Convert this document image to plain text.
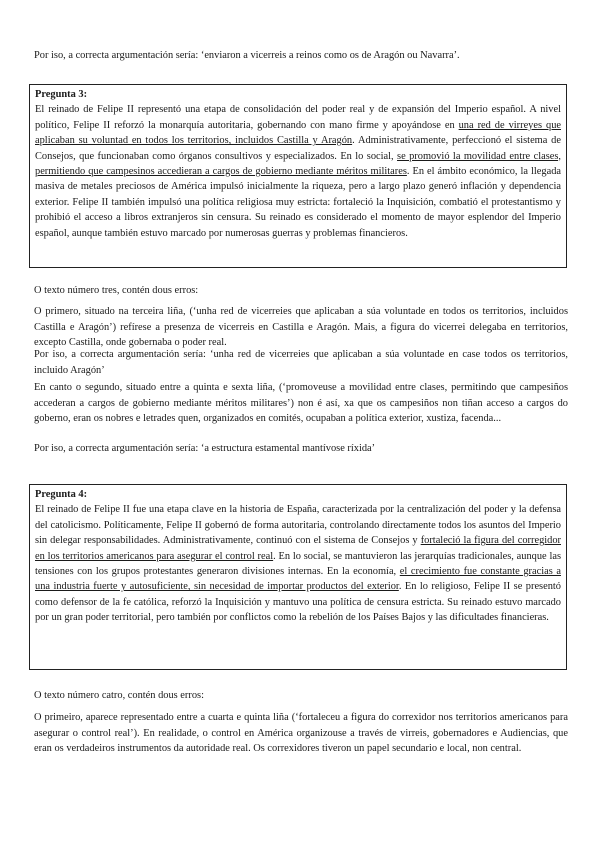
Por iso, a correcta argumentación sería: ‘enviaron a vicerreis a reinos como os de Aragón ou Navarra’.

Pregunta 3:

El reinado de Felipe II representó una etapa de consolidación del poder real y de expansión del Imperio español. A nivel político, Felipe II reforzó la monarquía autoritaria, gobernando con mano firme y apoyándose en una red de virreyes que aplicaban su voluntad en todos los territorios, incluidos Castilla y Aragón. Administrativamente, perfeccionó el sistema de Consejos, que funcionaban como órganos consultivos y especializados. En lo social, se promovió la movilidad entre clases, permitiendo que campesinos accedieran a cargos de gobierno mediante méritos militares. En el ámbito económico, la llegada masiva de metales preciosos de América impulsó inicialmente la riqueza, pero a largo plazo generó inflación y dependencia exterior. Felipe II también impulsó una política religiosa muy estricta: fortaleció la Inquisición, combatió el protestantismo y prohibió el acceso a libros extranjeros sin censura. Su reinado es considerado el momento de mayor esplendor del Imperio español, aunque también estuvo marcado por numerosas guerras y problemas financieros.

O texto número tres, contén dous erros:

O primero, situado na terceira liña, (‘unha red de vicerreies que aplicaban a súa voluntade en todos os territorios, incluidos Castilla e Aragón’) refírese a presenza de vicerreis en Castilla e Aragón. Mais, a figura do vicerrei delegaba en territorios, excepto Castilla, onde gobernaba o poder real.

Por iso, a correcta argumentación sería: ‘unha red de vicerreies que aplicaban a súa voluntade en case todos os territorios, incluido Aragón’

En canto o segundo, situado entre a quinta e sexta liña, (‘promoveuse a movilidad entre clases, permitindo que campesiños accederan a cargos de gobierno mediante méritos militares’) non é así, xa que os campesiños non tiñan acceso a cargos do goberno, eran os nobres e letrades quen, organizados en comités, ocupaban a política exterior, xustiza, facenda...

Por iso, a correcta argumentación sería: ‘a estructura estamental mantívose ríxida’

Pregunta 4:

El reinado de Felipe II fue una etapa clave en la historia de España, caracterizada por la centralización del poder y la defensa del catolicismo. Políticamente, Felipe II gobernó de forma autoritaria, controlando directamente todos los asuntos del Imperio sin delegar responsabilidades. Administrativamente, continuó con el sistema de Consejos y fortaleció la figura del corregidor en los territorios americanos para asegurar el control real. En lo social, se mantuvieron las jerarquías tradicionales, aunque las tensiones con los grupos protestantes generaron divisiones internas. En la economía, el crecimiento fue constante gracias a una industria fuerte y autosuficiente, sin necesidad de importar productos del exterior. En lo religioso, Felipe II se presentó como defensor de la fe católica, reforzó la Inquisición y mantuvo una política de censura estricta. Su reinado estuvo marcado por un gran poder territorial, pero también por conflictos como la rebelión de los Países Bajos y las dificultades financieras.

O texto número catro, contén dous erros:

O primeiro, aparece representado entre a cuarta e quinta liña (‘fortaleceu a figura do correxidor nos territorios americanos para asegurar o control real’). En realidade, o control en América organizouse a través de virreis, gobernadores e Audiencias, que eran os verdadeiros instrumentos da autoridade real. Os correxidores tiveron un papel secundario e local, non central.
